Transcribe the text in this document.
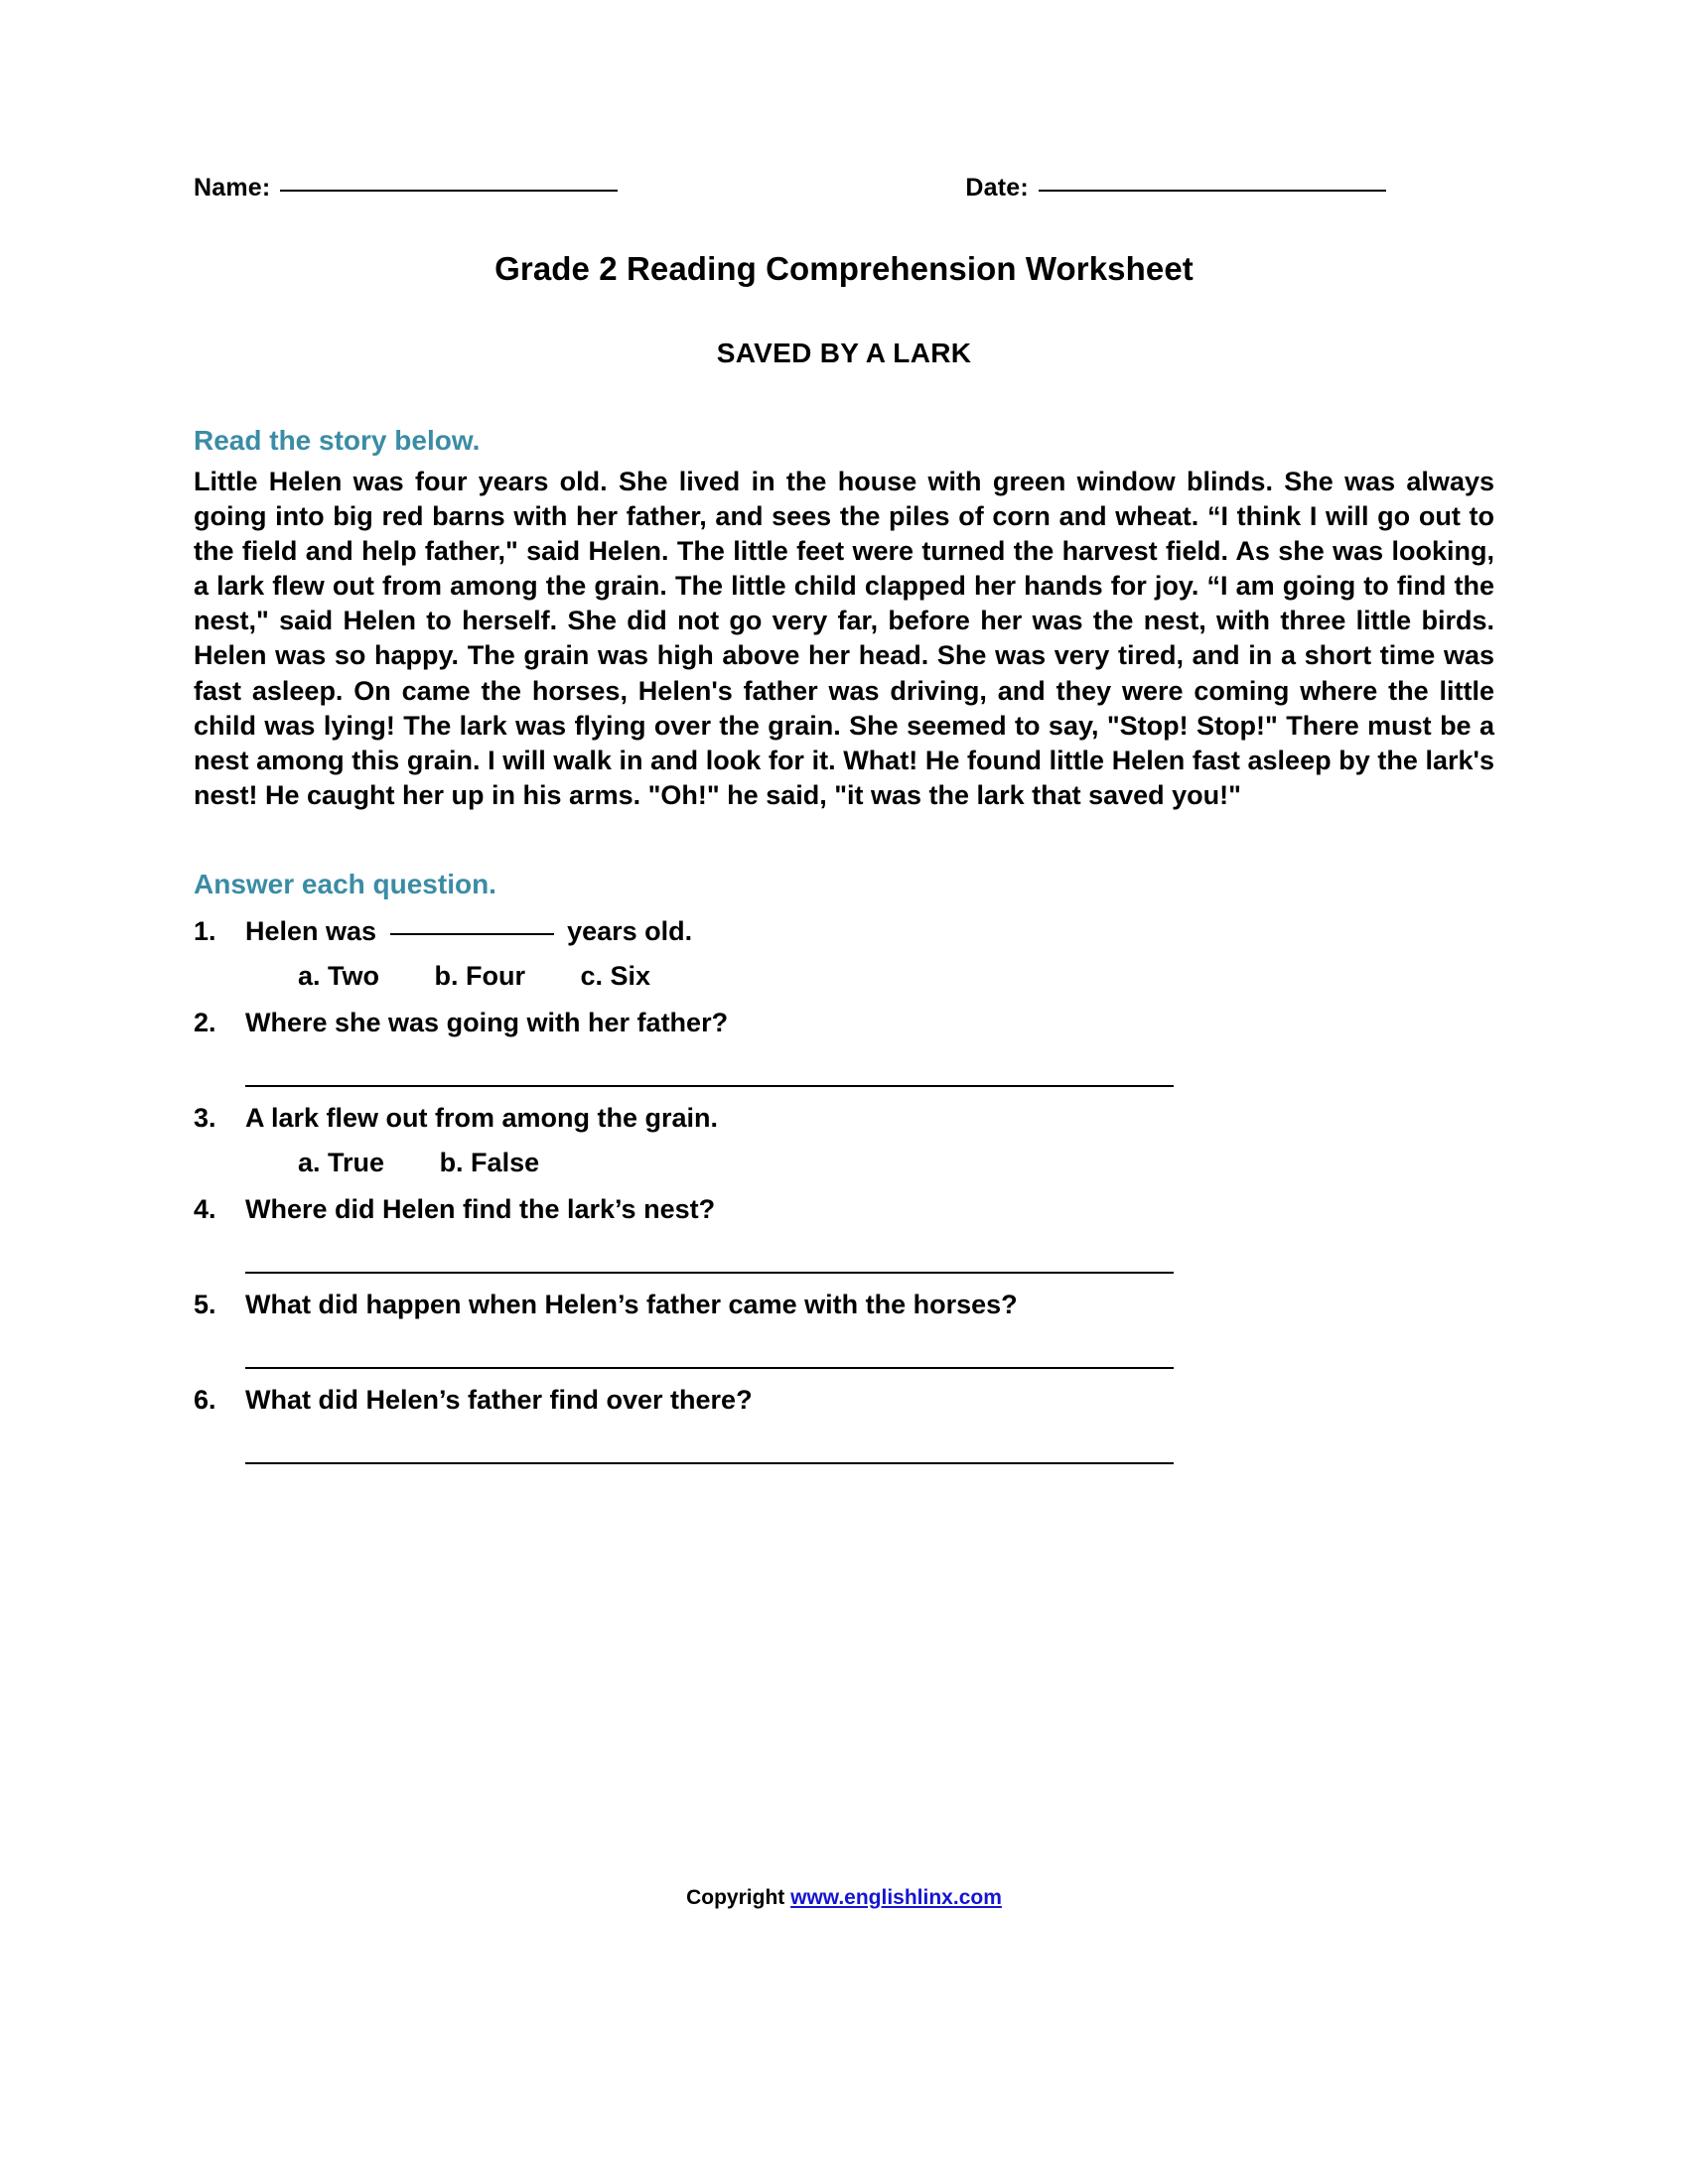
Name:	Date:
Grade 2 Reading Comprehension Worksheet
SAVED BY A LARK
Read the story below.
Little Helen was four years old. She lived in the house with green window blinds. She was always going into big red barns with her father, and sees the piles of corn and wheat. “I think I will go out to the field and help father," said Helen. The little feet were turned the harvest field. As she was looking, a lark flew out from among the grain. The little child clapped her hands for joy. “I am going to find the nest," said Helen to herself. She did not go very far, before her was the nest, with three little birds. Helen was so happy. The grain was high above her head. She was very tired, and in a short time was fast asleep. On came the horses, Helen's father was driving, and they were coming where the little child was lying! The lark was flying over the grain. She seemed to say, "Stop! Stop!" There must be a nest among this grain. I will walk in and look for it. What! He found little Helen fast asleep by the lark's nest! He caught her up in his arms. "Oh!" he said, "it was the lark that saved you!"
Answer each question.
1.	Helen was	years old.
a. Two b. Four c. Six
2.	Where she was going with her father?
3.	A lark flew out from among the grain.
a. True b. False
4.	Where did Helen find the lark’s nest?
5.	What did happen when Helen’s father came with the horses?
6.	What did Helen’s father find over there?
Copyright www.englishlinx.com
